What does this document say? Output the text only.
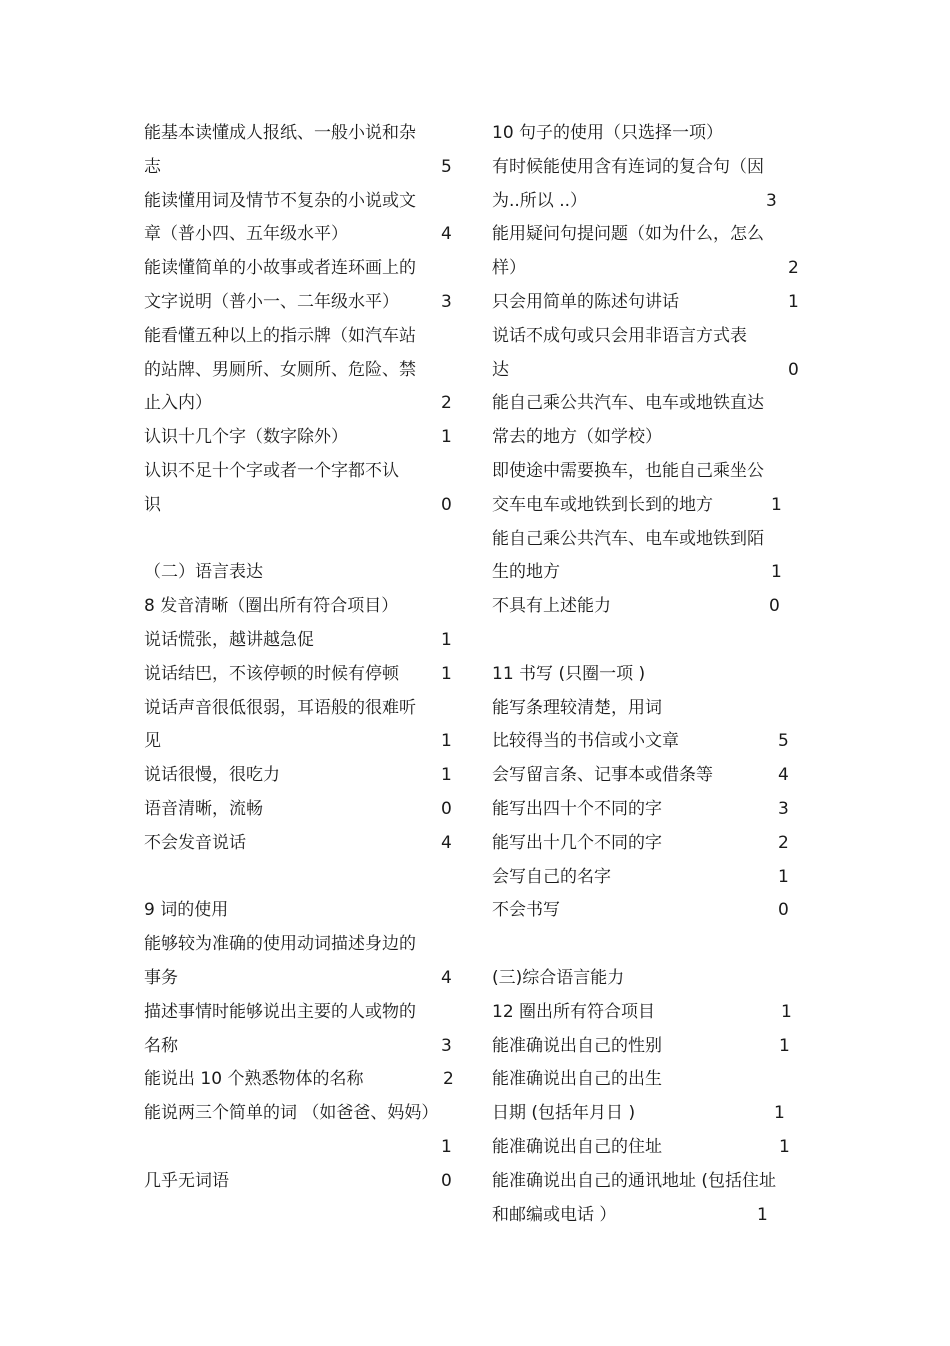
能基本读懂成人报纸、一般小说和杂
志	5
能读懂用词及情节不复杂的小说或文
章（普小四、五年级水平）	4
能读懂简单的小故事或者连环画上的
文字说明（普小一、二年级水平） 3
能看懂五种以上的指示牌（如汽车站
的站牌、男厕所、女厕所、危险、禁
止入内）	2
认识十几个字（数字除外）	1
认识不足十个字或者一个字都不认
识	0
（二）语言表达
8 发音清晰（圈出所有符合项目）
说话慌张，越讲越急促	1
说话结巴，不该停顿的时候有停顿 1
说话声音很低很弱，耳语般的很难听
见	1
说话很慢，很吃力	1
语音清晰，流畅	0
不会发音说话	4
9 词的使用
能够较为准确的使用动词描述身边的
事务	4
描述事情时能够说出主要的人或物的
名称	3
能说出 10 个熟悉物体的名称	2
能说两三个简单的词 （如爸爸、妈妈）
1
几乎无词语	0
10 句子的使用（只选择一项）
有时候能使用含有连词的复合句（因
为..所以 ..）	3
能用疑问句提问题（如为什么，怎么
样）	2
只会用简单的陈述句讲话	1
说话不成句或只会用非语言方式表
达	0
能自己乘公共汽车、电车或地铁直达
常去的地方（如学校）
即使途中需要换车，也能自己乘坐公
交车电车或地铁到长到的地方	1
能自己乘公共汽车、电车或地铁到陌
生的地方	1
不具有上述能力	0
11 书写 (只圈一项 )
能写条理较清楚，用词
比较得当的书信或小文章	5
会写留言条、记事本或借条等	4
能写出四十个不同的字	3
能写出十几个不同的字	2
会写自己的名字	1
不会书写	0
(三)综合语言能力
12 圈出所有符合项目	1
能准确说出自己的性别	1
能准确说出自己的出生
日期 (包括年月日 )	1
能准确说出自己的住址	1
能准确说出自己的通讯地址 (包括住址
和邮编或电话 ）	1
